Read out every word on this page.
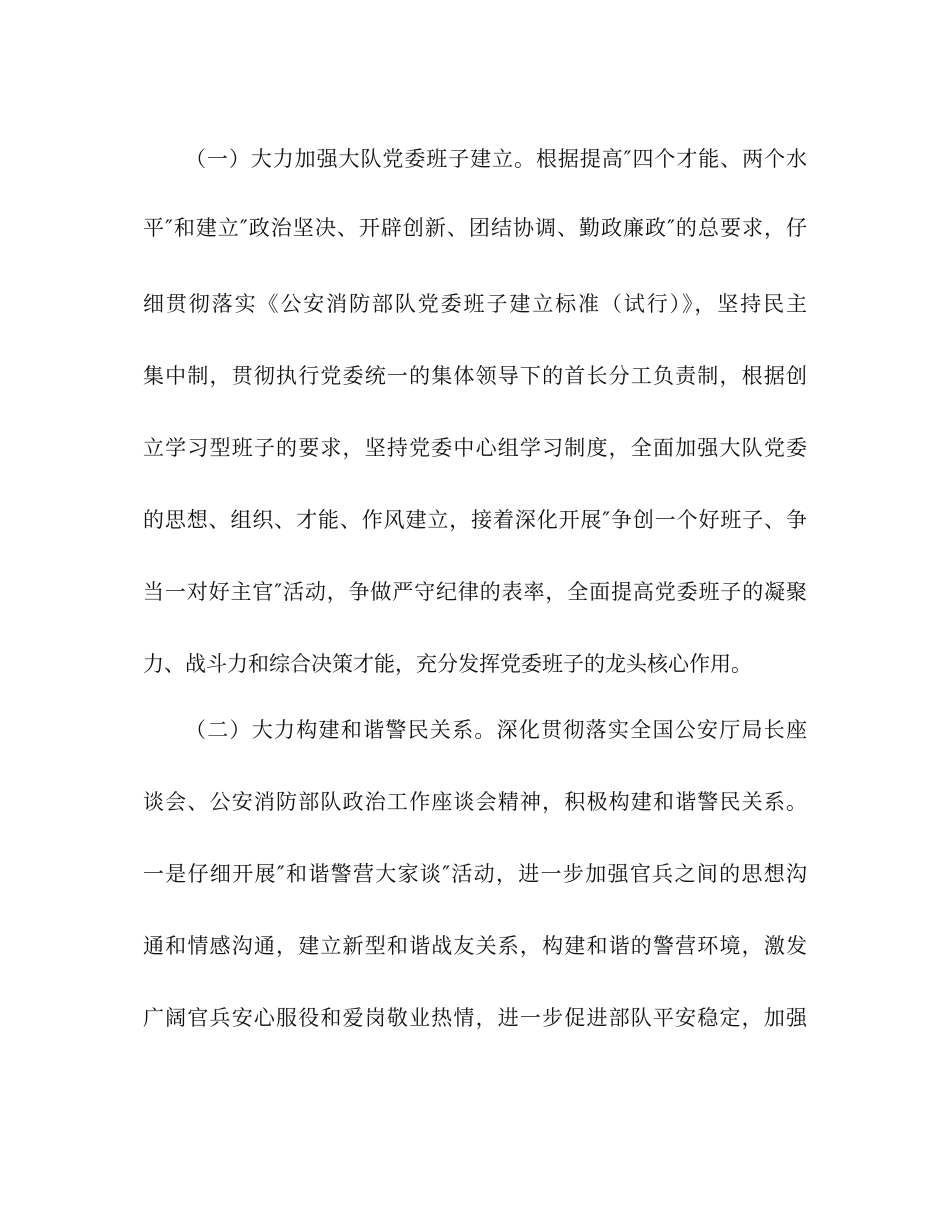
（一）大力加强大队党委班子建立。根据提高″四个才能、两个水

平″和建立″政治坚决、开辟创新、团结协调、勤政廉政″的总要求，仔

细贯彻落实《公安消防部队党委班子建立标准（试行）》，坚持民主

集中制，贯彻执行党委统一的集体领导下的首长分工负责制，根据创

立学习型班子的要求，坚持党委中心组学习制度，全面加强大队党委

的思想、组织、才能、作风建立，接着深化开展″争创一个好班子、争

当一对好主官″活动，争做严守纪律的表率，全面提高党委班子的凝聚

力、战斗力和综合决策才能，充分发挥党委班子的龙头核心作用。

（二）大力构建和谐警民关系。深化贯彻落实全国公安厅局长座

谈会、公安消防部队政治工作座谈会精神，积极构建和谐警民关系。

一是仔细开展″和谐警营大家谈″活动，进一步加强官兵之间的思想沟

通和情感沟通，建立新型和谐战友关系，构建和谐的警营环境，激发

广阔官兵安心服役和爱岗敬业热情，进一步促进部队平安稳定，加强
